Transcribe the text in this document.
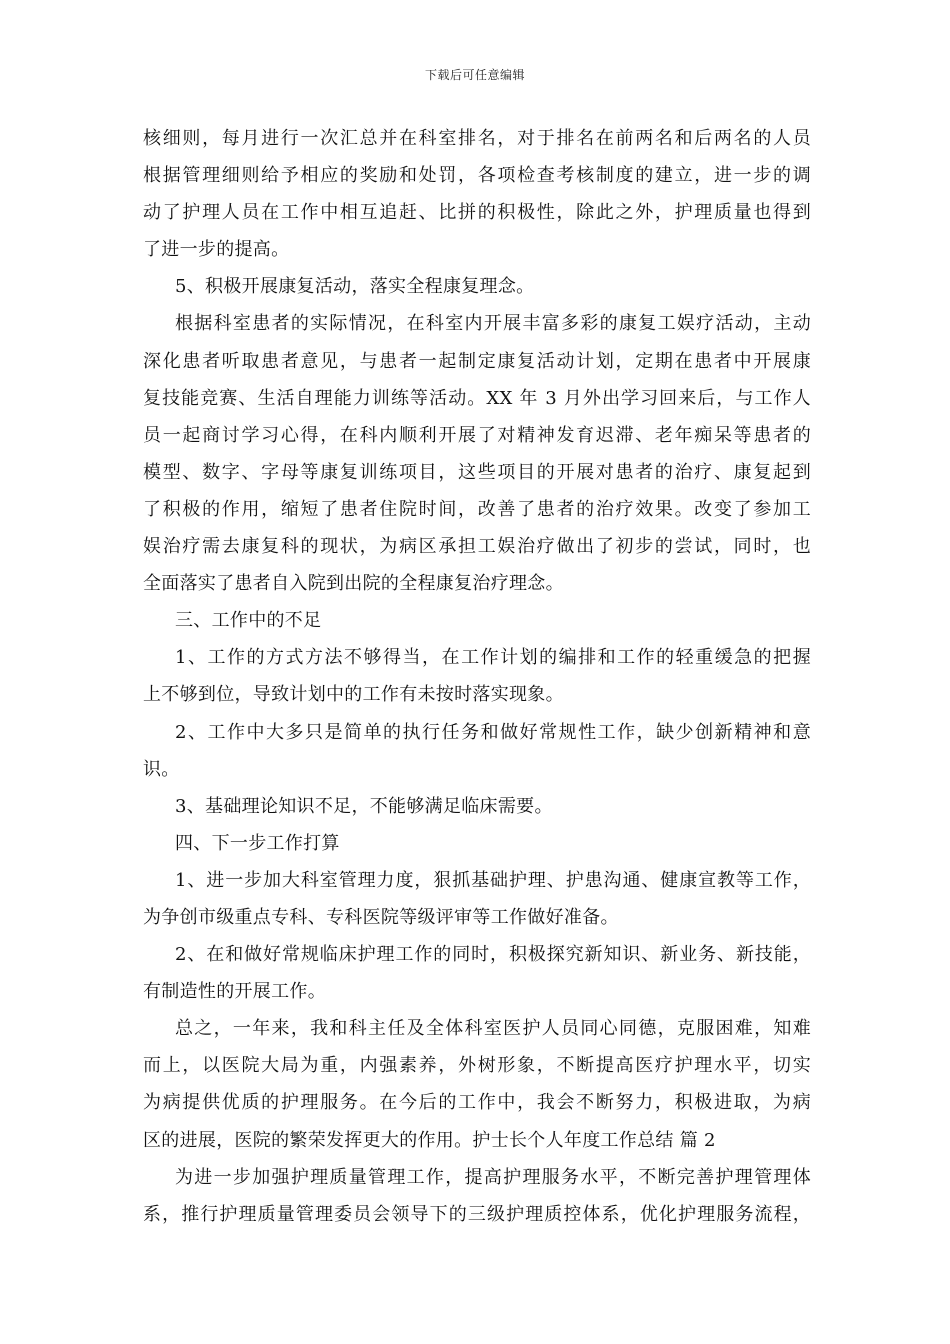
下载后可任意编辑
核细则，每月进行一次汇总并在科室排名，对于排名在前两名和后两名的人员
根据管理细则给予相应的奖励和处罚，各项检查考核制度的建立，进一步的调
动了护理人员在工作中相互追赶、比拼的积极性，除此之外，护理质量也得到
了进一步的提高。
5、积极开展康复活动，落实全程康复理念。
根据科室患者的实际情况，在科室内开展丰富多彩的康复工娱疗活动，主动
深化患者听取患者意见，与患者一起制定康复活动计划，定期在患者中开展康
复技能竞赛、生活自理能力训练等活动。XX 年 3 月外出学习回来后，与工作人
员一起商讨学习心得，在科内顺利开展了对精神发育迟滞、老年痴呆等患者的
模型、数字、字母等康复训练项目，这些项目的开展对患者的治疗、康复起到
了积极的作用，缩短了患者住院时间，改善了患者的治疗效果。改变了参加工
娱治疗需去康复科的现状，为病区承担工娱治疗做出了初步的尝试，同时，也
全面落实了患者自入院到出院的全程康复治疗理念。
三、工作中的不足
1、工作的方式方法不够得当，在工作计划的编排和工作的轻重缓急的把握
上不够到位，导致计划中的工作有未按时落实现象。
2、工作中大多只是简单的执行任务和做好常规性工作，缺少创新精神和意
识。
3、基础理论知识不足，不能够满足临床需要。
四、下一步工作打算
1、进一步加大科室管理力度，狠抓基础护理、护患沟通、健康宣教等工作，
为争创市级重点专科、专科医院等级评审等工作做好准备。
2、在和做好常规临床护理工作的同时，积极探究新知识、新业务、新技能，
有制造性的开展工作。
总之，一年来，我和科主任及全体科室医护人员同心同德，克服困难，知难
而上，以医院大局为重，内强素养，外树形象，不断提高医疗护理水平，切实
为病提供优质的护理服务。在今后的工作中，我会不断努力，积极进取，为病
区的进展，医院的繁荣发挥更大的作用。护士长个人年度工作总结 篇 2
为进一步加强护理质量管理工作，提高护理服务水平，不断完善护理管理体
系，推行护理质量管理委员会领导下的三级护理质控体系，优化护理服务流程，
